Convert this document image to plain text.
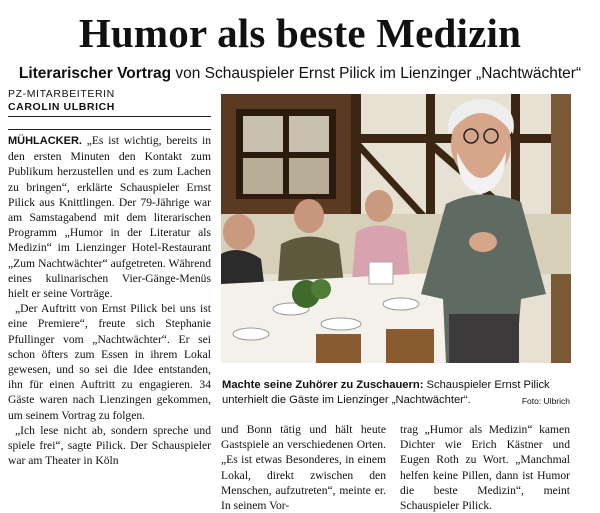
Humor als beste Medizin
Literarischer Vortrag von Schauspieler Ernst Pilick im Lienzinger „Nachtwächter“
PZ-MITARBEITERIN
CAROLIN ULBRICH

MÜHLACKER. „Es ist wichtig, bereits in den ersten Minuten den Kontakt zum Publikum herzustellen und es zum Lachen zu bringen“, erklärte Schauspieler Ernst Pilick aus Knittlingen. Der 79-Jährige war am Samstagabend mit dem literarischen Programm „Humor in der Literatur als Medizin“ im Lienzinger Hotel-Restaurant „Zum Nachtwächter“ aufgetreten. Während eines kulinarischen Vier-Gänge-Menüs hielt er seine Vorträge.

„Der Auftritt von Ernst Pilick bei uns ist eine Premiere“, freute sich Stephanie Pfullinger vom „Nachtwächter“. Er sei schon öfters zum Essen in ihrem Lokal gewesen, und so sei die Idee entstanden, ihn für einen Auftritt zu engagieren. 34 Gäste waren nach Lienzingen gekommen, um seinem Vortrag zu folgen.

„Ich lese nicht ab, sondern spreche und spiele frei“, sagte Pilick. Der Schauspieler war am Theater in Köln

Machte seine Zuhörer zu Zuschauern: Schauspieler Ernst Pilick unterhielt die Gäste im Lienzinger „Nachtwächter“.	Foto: Ulbrich

und Bonn tätig und hält heute Gastspiele an verschiedenen Orten. „Es ist etwas Besonderes, in einem Lokal, direkt zwischen den Menschen, aufzutreten“, meinte er. In seinem Vor-

trag „Humor als Medizin“ kamen Dichter wie Erich Kästner und Eugen Roth zu Wort. „Manchmal helfen keine Pillen, dann ist Humor die beste Medizin“, meint Schauspieler Pilick.
